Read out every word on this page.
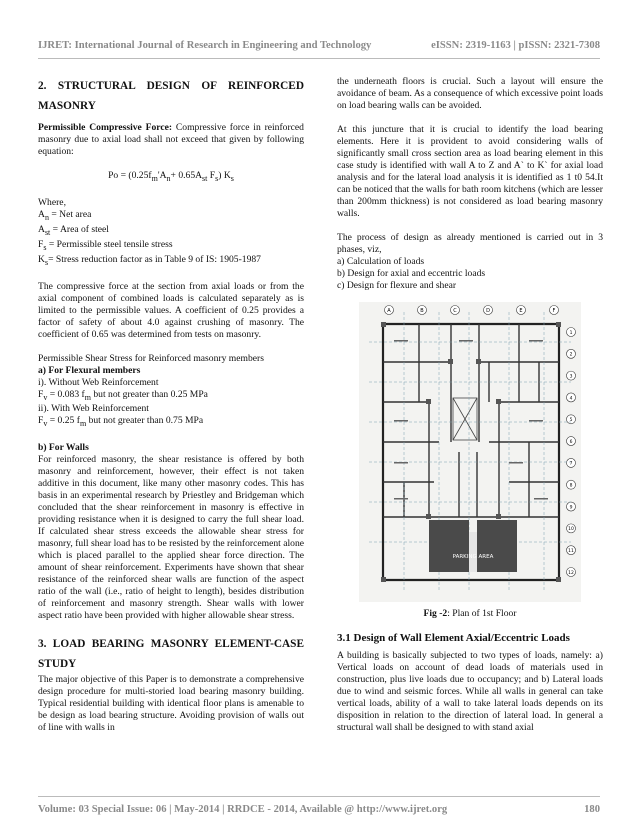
IJRET: International Journal of Research in Engineering and Technology	eISSN: 2319-1163 | pISSN: 2321-7308

2. STRUCTURAL DESIGN OF REINFORCED

MASONRY

Permissible Compressive Force: Compressive force in reinforced masonry due to axial load shall not exceed that given by following equation:

$Po = (0.25f_m'A_n+ 0.65A_{st}$ $F_s$) $K_s$

Where,

$A_n$ = Net area

$A_{st}$ = Area of steel

$F_s$ = Permissible steel tensile stress

$K_s=$ Stress reduction factor as in Table 9 of IS: 1905-1987

The compressive force at the section from axial loads or from the axial component of combined loads is calculated separately as is limited to the permissible values. A coefficient of 0.25 provides a factor of safety of about 4.0 against crushing of masonry. The coefficient of 0.65 was determined from tests on masonry.

Permissible Shear Stress for Reinforced masonry members

a) For Flexural members

i). Without Web Reinforcement

$F_v = 0.083$ $f_m$ but not greater than 0.25 MPa

ii). With Web Reinforcement

$F_v = 0.25$ $f_m$ but not greater than 0.75 MPa

b) For Walls

For reinforced masonry, the shear resistance is offered by both masonry and reinforcement, however, their effect is not taken additive in this document, like many other masonry codes. This has basis in an experimental research by Priestley and Bridgeman which concluded that the shear reinforcement in masonry is effective in providing resistance when it is designed to carry the full shear load. If calculated shear stress exceeds the allowable shear stress for masonry, full shear load has to be resisted by the reinforcement alone which is placed parallel to the applied shear force direction. The amount of shear reinforcement. Experiments have shown that shear resistance of the reinforced shear walls are function of the aspect ratio of the wall (i.e., ratio of height to length), besides distribution of reinforcement and masonry strength. Shear walls with lower aspect ratio have been provided with higher allowable shear stress.

3. LOAD BEARING MASONRY ELEMENT-CASE

STUDY

The major objective of this Paper is to demonstrate a comprehensive design procedure for multi-storied load bearing masonry building. Typical residential building with identical floor plans is amenable to be design as load bearing structure. Avoiding provision of walls out of line with walls in

the underneath floors is crucial. Such a layout will ensure the avoidance of beam. As a consequence of which excessive point loads on load bearing walls can be avoided.

At this juncture that it is crucial to identify the load bearing elements. Here it is provident to avoid considering walls of significantly small cross section area as load bearing element in this case study is identified with wall A to Z and A` to K` for axial load analysis and for the lateral load analysis it is identified as 1 t0 54.It can be noticed that the walls for bath room kitchens (which are lesser than 200mm thickness) is not considered as load bearing masonry walls.

The process of design as already mentioned is carried out in 3 phases, viz,

a) Calculation of loads

b) Design for axial and eccentric loads

c) Design for flexure and shear

A	B	C	D	E	F
1
2
3
4
5
6
7
8
9
10
11
12
PARKING AREA

Fig -2: Plan of 1st Floor

3.1 Design of Wall Element Axial/Eccentric Loads

A building is basically subjected to two types of loads, namely: a) Vertical loads on account of dead loads of materials used in construction, plus live loads due to occupancy; and b) Lateral loads due to wind and seismic forces. While all walls in general can take vertical loads, ability of a wall to take lateral loads depends on its disposition in relation to the direction of lateral load. In general a structural wall shall be designed to with stand axial

Volume: 03 Special Issue: 06 | May-2014 | RRDCE - 2014, Available @ http://www.ijret.org	180
